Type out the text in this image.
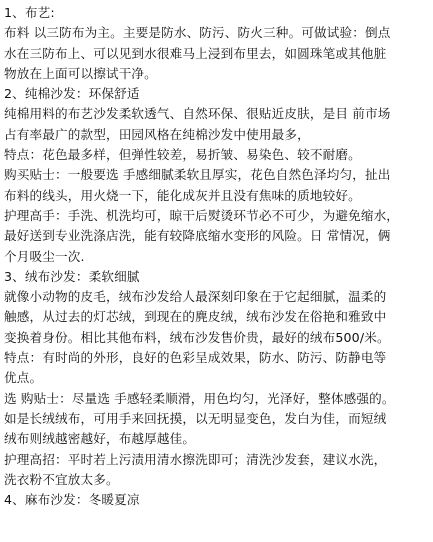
1、布艺:
布料 以三防布为主。主要是防水、防污、防火三种。可做试验：倒点
水在三防布上、可以见到水很难马上浸到布里去，如圆珠笔或其他脏
物放在上面可以擦试干净。
2、纯棉沙发：环保舒适
纯棉用料的布艺沙发柔软透气、自然环保、很贴近皮肤，是目 前市场
占有率最广的款型，田园风格在纯棉沙发中使用最多，
特点：花色最多样，但弹性较差，易折皱、易染色、较不耐磨。
购买贴士：一般要选 手感细腻柔软且厚实，花色自然色泽均匀，扯出
布料的线头，用火烧一下，能化成灰并且没有焦味的质地较好。
护理高手：手洗、机洗均可，晾干后熨烫环节必不可少，为避免缩水，
最好送到专业洗涤店洗，能有较降底缩水变形的风险。日 常情况，俩
个月吸尘一次.
3、绒布沙发：柔软细腻
就像小动物的皮毛，绒布沙发给人最深刻印象在于它起细腻，温柔的
触感，从过去的灯芯绒，到现在的麂皮绒，绒布沙发在俗艳和雅致中
变换着身份。相比其他布料，绒布沙发售价贵，最好的绒布500/米。
特点：有时尚的外形，良好的色彩呈成效果，防水、防污、防静电等
优点。
选 购贴士：尽量选 手感轻柔顺滑，用色均匀，光泽好，整体感强的。
如是长绒绒布，可用手来回抚摸，以无明显变色，发白为佳，而短绒
绒布则绒越密越好，布越厚越佳。
护理高招：平时若上污渍用清水擦洗即可；清洗沙发套，建议水洗，
洗衣粉不宜放太多。
4、麻布沙发：冬暖夏凉
